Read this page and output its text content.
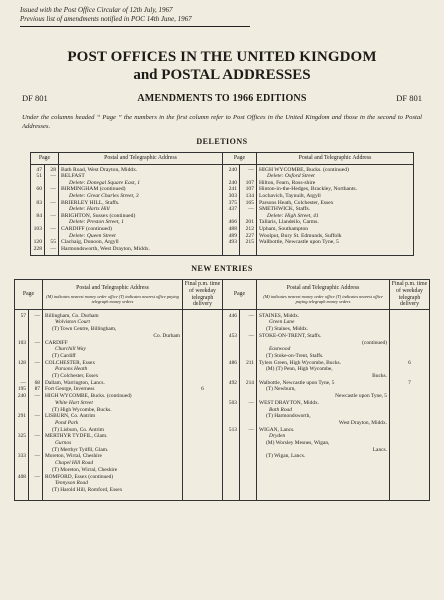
Issued with the Post Office Circular of 12th July, 1967
Previous list of amendments notified in POC 14th June, 1967
POST OFFICES IN THE UNITED KINGDOM
and POSTAL ADDRESSES
DF 801	AMENDMENTS TO 1966 EDITIONS	DF 801
Under the columns headed “ Page ” the numbers in the first column refer to Post Offices in the United Kingdom and those in the second to Postal Addresses.
DELETIONS
Page		Postal and Telegraphic Address	Page		Postal and Telegraphic Address
47	28	Bath Road, West Drayton, Middx.	240	—	HIGH WYCOMBE, Bucks. (continued)
51	—	BELFAST			Delete: Oxford Street
		Delete: Donegal Square East, 1	240	107	Hilton, Fearn, Ross-shire
60	—	BIRMINGHAM (continued)	241	107	Hinton-in-the-Hedges, Brackley, Northants.
		Delete: Great Charles Street, 3	303	134	Lochavich, Taynuilt, Argyll
83	—	BRIERLEY HILL, Staffs.	375	165	Parsons Heath, Colchester, Essex
		Delete: Harts Hill	437	—	SMETHWICK, Staffs.
84	—	BRIGHTON, Sussex (continued)			Delete: High Street, 41
		Delete: Preston Street, 1	466	201	Tallaris, Llandeilo, Carms.
103	—	CARDIFF (continued)	488	212	Upham, Southampton
		Delete: Queen Street	489	227	Woolput, Bury St. Edmunds, Suffolk
120	55	Clachaig, Dunoon, Argyll	493	215	Wallbottle, Newcastle upon Tyne, 5
228	—	Harmondsworth, West Drayton, Middx.			
NEW ENTRIES
Page		Postal and Telegraphic Address
(M) indicates nearest money order office (T) indicates nearest office paying telegraph money orders	Final p.m. time of weekday telegraph delivery	Page		Postal and Telegraphic Address
(M) indicates nearest money order office (T) indicates nearest office paying telegraph money orders	Final p.m. time of weekday telegraph delivery
57	—	Billingham, Co. Durham		446	—	STAINES, Middx.	
		Wolviston Court				Green Lane	
		(T) Town Centre, Billingham,				(T) Staines, Middx.	
		Co. Durham		453	—	STOKE-ON-TRENT, Staffs.	
103	—	CARDIFF				(continued)	
		Churchill Way				Eastwood	
		(T) Cardiff				(T) Stoke-on-Trent, Staffs.	
128	—	COLCHESTER, Essex		486	211	Tylers Green, High Wycombe, Bucks.	6
		Parsons Heath				(M) (T) Penn, High Wycombe,	
		(T) Colchester, Essex				Bucks.	
—	68	Dallam, Warrington, Lancs.		492	214	Walbottle, Newcastle upon Tyne, 5	7
195	87	Fort George, Inverness	6			(T) Newburn,	
240	—	HIGH WYCOMBE, Bucks. (continued)				Newcastle upon Tyne, 5	
		White Hart Street		503	—	WEST DRAYTON, Middx.	
		(T) High Wycombe, Bucks.				Bath Road	
291	—	LISBURN, Co. Antrim				(T) Harmondsworth,	
		Pond Park				West Drayton, Middx.	
		(T) Lisburn, Co. Antrim		513	—	WIGAN, Lancs.	
325	—	MERTHYR TYDFIL, Glam.				Dryden	
		Gurnos				(M) Worsley Mesnes, Wigan,	
		(T) Merthyr Tydfil, Glam.				Lancs.	
333	—	Moreton, Wirral, Cheshire				(T) Wigan, Lancs.	
		Chapel Hill Road					
		(T) Moreton, Wirral, Cheshire					
408	—	ROMFORD, Essex (continued)					
		Tennyson Road					
		(T) Harold Hill, Romford, Essex					
